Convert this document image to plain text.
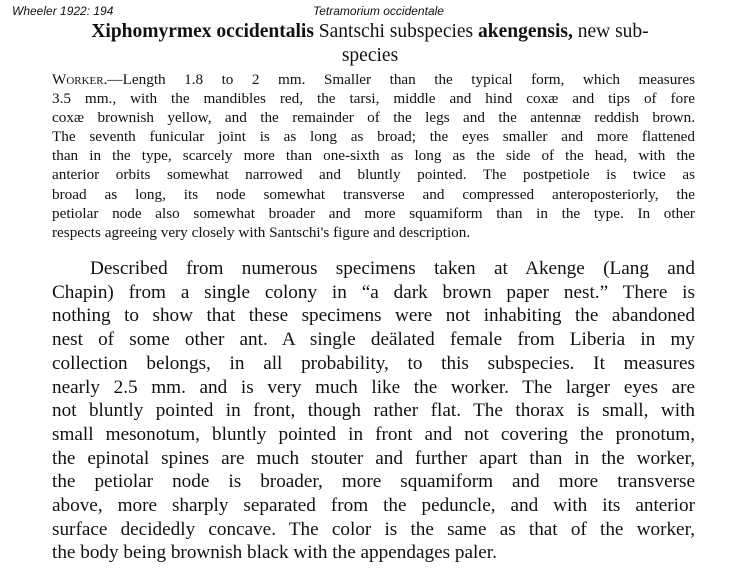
Wheeler 1922: 194	Tetramorium occidentale
Xiphomyrmex occidentalis Santschi subspecies akengensis, new sub-
species
Worker.—Length 1.8 to 2 mm. Smaller than the typical form, which measures
3.5 mm., with the mandibles red, the tarsi, middle and hind coxæ and tips of fore
coxæ brownish yellow, and the remainder of the legs and the antennæ reddish brown.
The seventh funicular joint is as long as broad; the eyes smaller and more flattened
than in the type, scarcely more than one-sixth as long as the side of the head, with the
anterior orbits somewhat narrowed and bluntly pointed. The postpetiole is twice as
broad as long, its node somewhat transverse and compressed anteroposteriorly, the
petiolar node also somewhat broader and more squamiform than in the type. In other
respects agreeing very closely with Santschi's figure and description.
Described from numerous specimens taken at Akenge (Lang and
Chapin) from a single colony in “a dark brown paper nest.” There is
nothing to show that these specimens were not inhabiting the abandoned
nest of some other ant. A single deälated female from Liberia in my
collection belongs, in all probability, to this subspecies. It measures
nearly 2.5 mm. and is very much like the worker. The larger eyes are
not bluntly pointed in front, though rather flat. The thorax is small, with
small mesonotum, bluntly pointed in front and not covering the pronotum,
the epinotal spines are much stouter and further apart than in the worker,
the petiolar node is broader, more squamiform and more transverse
above, more sharply separated from the peduncle, and with its anterior
surface decidedly concave. The color is the same as that of the worker,
the body being brownish black with the appendages paler.
